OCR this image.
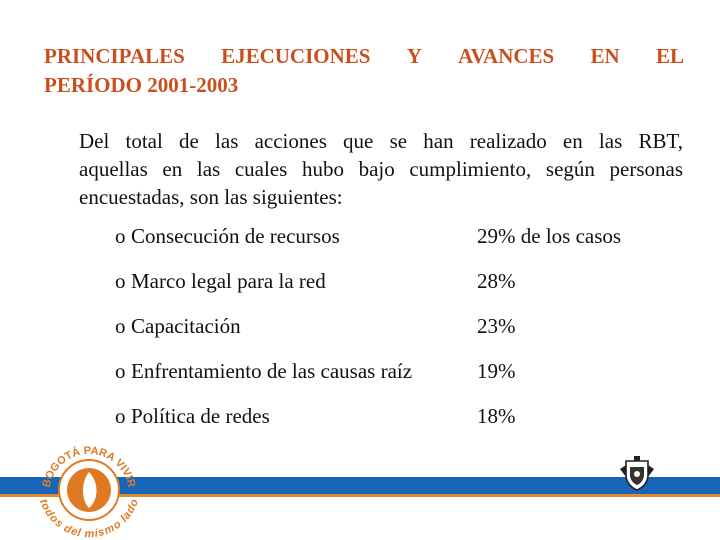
PRINCIPALES EJECUCIONES Y AVANCES EN EL
PERÍODO 2001-2003

Del total de las acciones que se han realizado en las RBT,
aquellas en las cuales hubo bajo cumplimiento, según personas
encuestadas, son las siguientes:

o Consecución de recursos	29% de los casos
o Marco legal para la red	28%
o Capacitación	23%
o Enfrentamiento de las causas raíz	19%
o Política de redes	18%
BOGOTÁ PARA VIVIR
todos del mismo lado
